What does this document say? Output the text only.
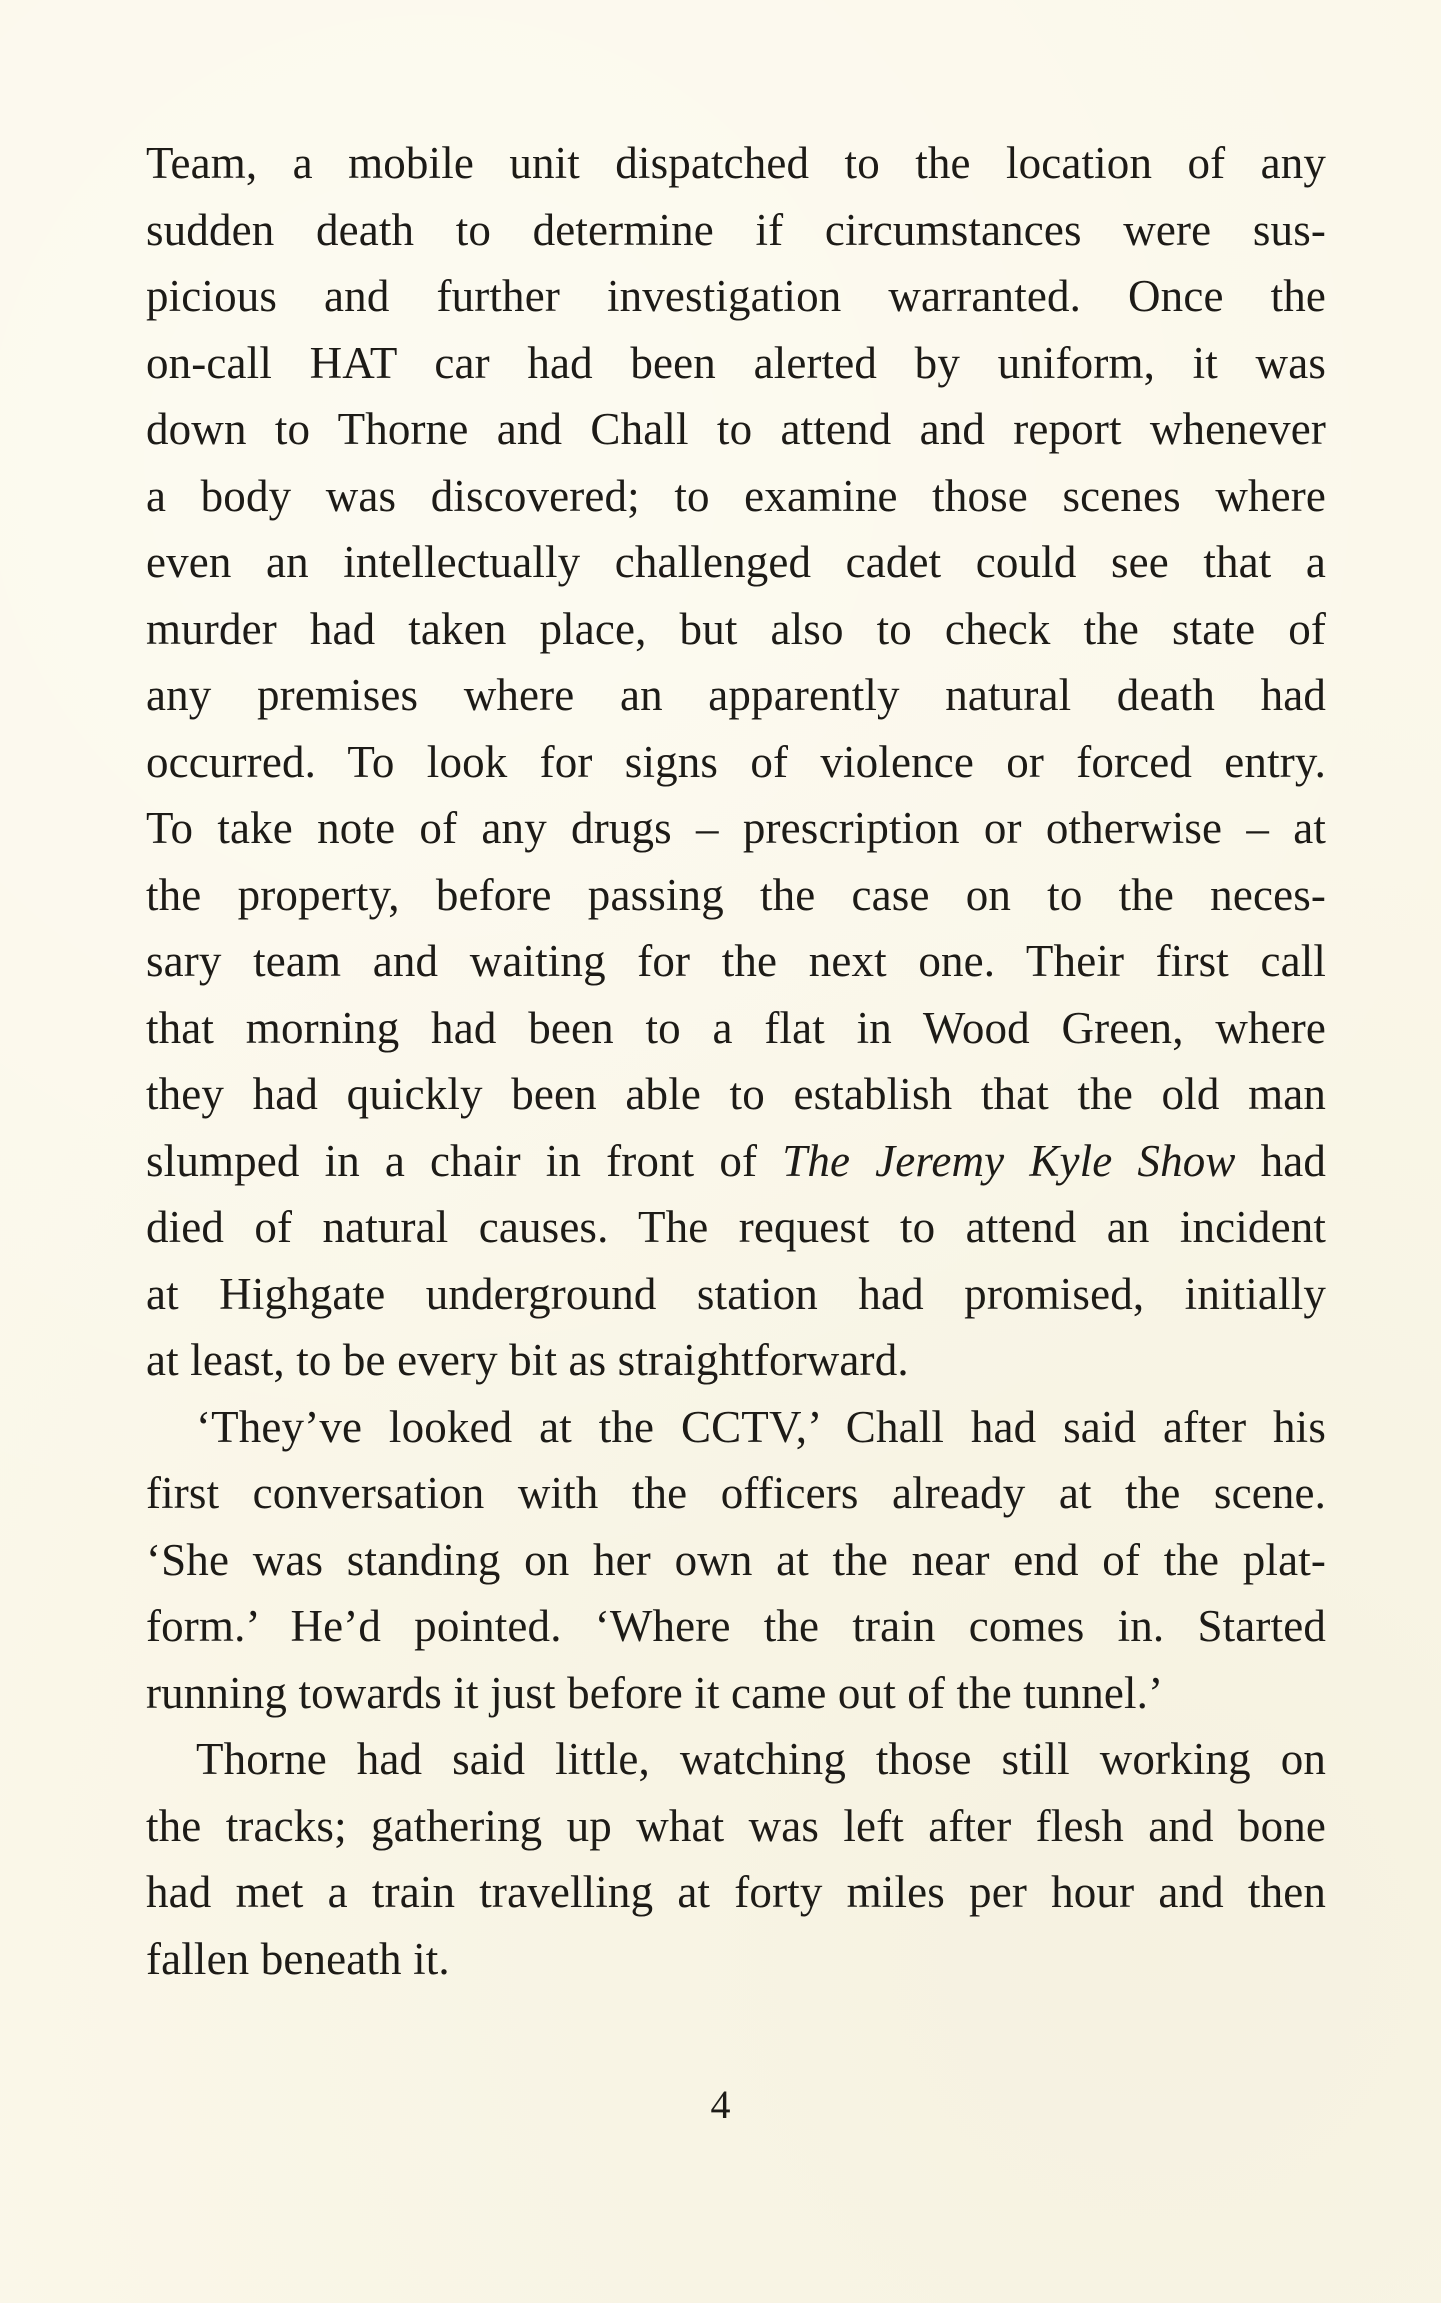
Team, a mobile unit dispatched to the location of any
sudden death to determine if circumstances were sus-
picious and further investigation warranted. Once the
on-call HAT car had been alerted by uniform, it was
down to Thorne and Chall to attend and report whenever
a body was discovered; to examine those scenes where
even an intellectually challenged cadet could see that a
murder had taken place, but also to check the state of
any premises where an apparently natural death had
occurred. To look for signs of violence or forced entry.
To take note of any drugs – prescription or otherwise – at
the property, before passing the case on to the neces-
sary team and waiting for the next one. Their first call
that morning had been to a flat in Wood Green, where
they had quickly been able to establish that the old man
slumped in a chair in front of The Jeremy Kyle Show had
died of natural causes. The request to attend an incident
at Highgate underground station had promised, initially
at least, to be every bit as straightforward.
‘They’ve looked at the CCTV,’ Chall had said after his
first conversation with the officers already at the scene.
‘She was standing on her own at the near end of the plat-
form.’ He’d pointed. ‘Where the train comes in. Started
running towards it just before it came out of the tunnel.’
Thorne had said little, watching those still working on
the tracks; gathering up what was left after flesh and bone
had met a train travelling at forty miles per hour and then
fallen beneath it.
4
